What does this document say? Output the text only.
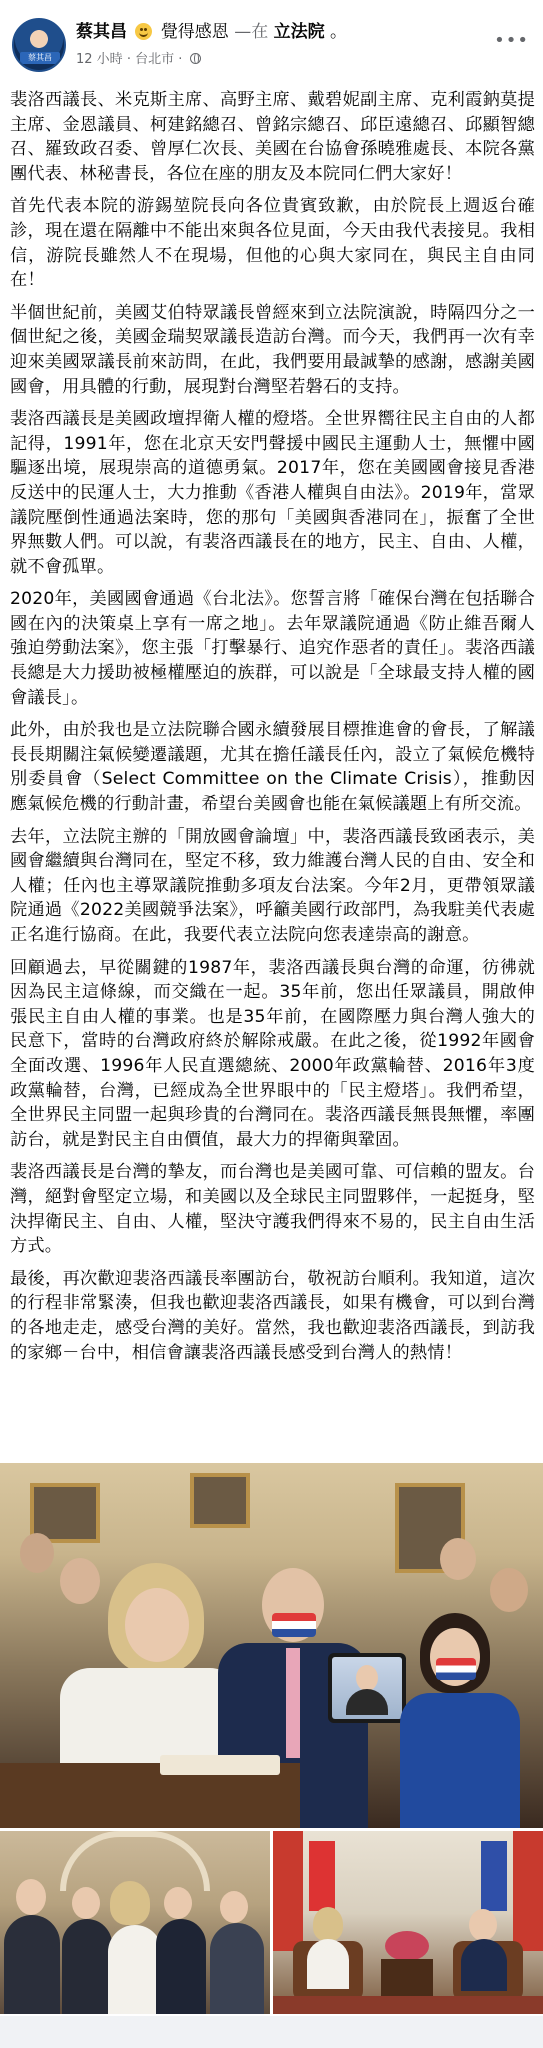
蔡其昌
蔡其昌 覺得感恩 —在 立法院 。
12 小時 · 台北市 ·
•••

裴洛西議長、米克斯主席、高野主席、戴碧妮副主席、克利霞鈉莫提主席、金恩議員、柯建銘總召、曾銘宗總召、邱臣遠總召、邱顯智總召、羅致政召委、曾厚仁次長、美國在台協會孫曉雅處長、本院各黨團代表、林秘書長，各位在座的朋友及本院同仁們大家好！

首先代表本院的游錫堃院長向各位貴賓致歉，由於院長上週返台確診，現在還在隔離中不能出來與各位見面，今天由我代表接見。我相信，游院長雖然人不在現場，但他的心與大家同在，與民主自由同在！

半個世紀前，美國艾伯特眾議長曾經來到立法院演說，時隔四分之一個世紀之後，美國金瑞契眾議長造訪台灣。而今天，我們再一次有幸迎來美國眾議長前來訪問，在此，我們要用最誠摯的感謝，感謝美國國會，用具體的行動，展現對台灣堅若磐石的支持。

裴洛西議長是美國政壇捍衛人權的燈塔。全世界嚮往民主自由的人都記得，1991年，您在北京天安門聲援中國民主運動人士，無懼中國驅逐出境，展現崇高的道德勇氣。2017年，您在美國國會接見香港反送中的民運人士，大力推動《香港人權與自由法》。2019年，當眾議院壓倒性通過法案時，您的那句「美國與香港同在」，振奮了全世界無數人們。可以說，有裴洛西議長在的地方，民主、自由、人權，就不會孤單。

2020年，美國國會通過《台北法》。您誓言將「確保台灣在包括聯合國在內的決策桌上享有一席之地」。去年眾議院通過《防止維吾爾人強迫勞動法案》，您主張「打擊暴行、追究作惡者的責任」。裴洛西議長總是大力援助被極權壓迫的族群，可以說是「全球最支持人權的國會議長」。

此外，由於我也是立法院聯合國永續發展目標推進會的會長，了解議長長期關注氣候變遷議題，尤其在擔任議長任內，設立了氣候危機特別委員會（Select Committee on the Climate Crisis），推動因應氣候危機的行動計畫，希望台美國會也能在氣候議題上有所交流。

去年，立法院主辦的「開放國會論壇」中，裴洛西議長致函表示，美國會繼續與台灣同在，堅定不移，致力維護台灣人民的自由、安全和人權；任內也主導眾議院推動多項友台法案。今年2月，更帶領眾議院通過《2022美國競爭法案》，呼籲美國行政部門，為我駐美代表處正名進行協商。在此，我要代表立法院向您表達崇高的謝意。

回顧過去，早從關鍵的1987年，裴洛西議長與台灣的命運，彷彿就因為民主這條線，而交織在一起。35年前，您出任眾議員，開啟伸張民主自由人權的事業。也是35年前，在國際壓力與台灣人強大的民意下，當時的台灣政府終於解除戒嚴。在此之後，從1992年國會全面改選、1996年人民直選總統、2000年政黨輪替、2016年3度政黨輪替，台灣，已經成為全世界眼中的「民主燈塔」。我們希望，全世界民主同盟一起與珍貴的台灣同在。裴洛西議長無畏無懼，率團訪台，就是對民主自由價值，最大力的捍衛與鞏固。

裴洛西議長是台灣的摯友，而台灣也是美國可靠、可信賴的盟友。台灣，絕對會堅定立場，和美國以及全球民主同盟夥伴，一起挺身，堅決捍衛民主、自由、人權，堅決守護我們得來不易的，民主自由生活方式。

最後，再次歡迎裴洛西議長率團訪台，敬祝訪台順利。我知道，這次的行程非常緊湊，但我也歡迎裴洛西議長，如果有機會，可以到台灣的各地走走，感受台灣的美好。當然，我也歡迎裴洛西議長，到訪我的家鄉－台中，相信會讓裴洛西議長感受到台灣人的熱情！
